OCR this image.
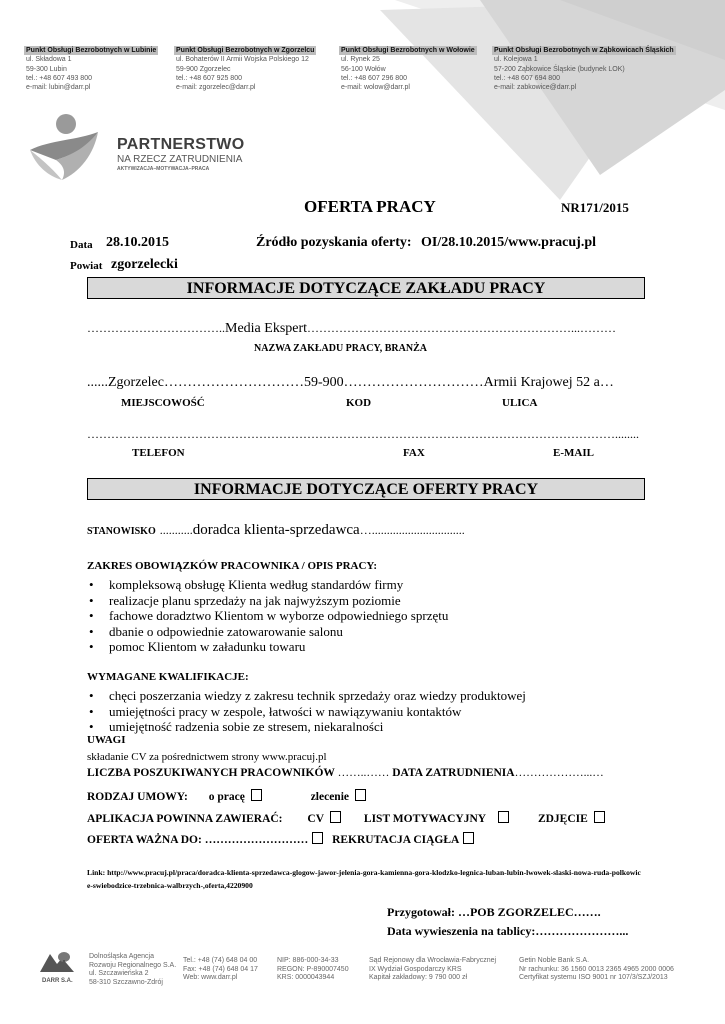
Punkt Obsługi Bezrobotnych w Lubinie
ul. Składowa 1
59-300 Lubin
tel.: +48 607 493 800
e-mail: lubin@darr.pl
Punkt Obsługi Bezrobotnych w Zgorzelcu
ul. Bohaterów II Armii Wojska Polskiego 12
59-900 Zgorzelec
tel.: +48 607 925 800
e-mail: zgorzelec@darr.pl
Punkt Obsługi Bezrobotnych w Wołowie
ul. Rynek 25
56-100 Wołów
tel.: +48 607 296 800
e-mail: wolow@darr.pl
Punkt Obsługi Bezrobotnych w Ząbkowicach Śląskich
ul. Kolejowa 1
57-200 Ząbkowice Śląskie (budynek LOK)
tel.: +48 607 694 800
e-mail: zabkowice@darr.pl
PARTNERSTWO
NA RZECZ ZATRUDNIENIA
AKTYWIZACJA–MOTYWACJA–PRACA
OFERTA PRACY	NR171/2015
Data 28.10.2015	Źródło pozyskania oferty: OI/28.10.2015/www.pracuj.pl
Powiat zgorzelecki
INFORMACJE DOTYCZĄCE ZAKŁADU PRACY
……………………………..Media Ekspert…………………………………………………………...………
NAZWA ZAKŁADU PRACY, BRANŻA
......Zgorzelec…………………………59-900…………………………Armii Krajowej 52 a…
MIEJSCOWOŚĆ	KOD	ULICA
……………………………………………………………………………………………………………………........
TELEFON	FAX	E-MAIL
INFORMACJE DOTYCZĄCE OFERTY PRACY
STANOWISKO ...........doradca klienta-sprzedawca…...............................
ZAKRES OBOWIĄZKÓW PRACOWNIKA / OPIS PRACY:
• kompleksową obsługę Klienta według standardów firmy
• realizacje planu sprzedaży na jak najwyższym poziomie
• fachowe doradztwo Klientom w wyborze odpowiedniego sprzętu
• dbanie o odpowiednie zatowarowanie salonu
• pomoc Klientom w załadunku towaru
WYMAGANE KWALIFIKACJE:
• chęci poszerzania wiedzy z zakresu technik sprzedaży oraz wiedzy produktowej
• umiejętności pracy w zespole, łatwości w nawiązywaniu kontaktów
• umiejętność radzenia sobie ze stresem, niekaralności
UWAGI
składanie CV za pośrednictwem strony www.pracuj.pl
LICZBA POSZUKIWANYCH PRACOWNIKÓW ……..…… DATA ZATRUDNIENIA………………...…
RODZAJ UMOWY: o pracę	zlecenie
APLIKACJA POWINNA ZAWIERAĆ: CV	LIST MOTYWACYJNY	ZDJĘCIE
OFERTA WAŻNA DO: ……………………… REKRUTACJA CIĄGŁA
Link: http://www.pracuj.pl/praca/doradca-klienta-sprzedawca-glogow-jawor-jelenia-gora-kamienna-gora-klodzko-legnica-luban-lubin-lwowek-slaski-nowa-ruda-polkowice-swiebodzice-trzebnica-walbrzych-,oferta,4220900
Przygotował: …POB ZGORZELEC…….
Data wywieszenia na tablicy:…………………...
DARR S.A.
Dolnośląska Agencja
Rozwoju Regionalnego S.A.
ul. Szczawieńska 2
58-310 Szczawno-Zdrój
Tel.: +48 (74) 648 04 00
Fax: +48 (74) 648 04 17
Web: www.darr.pl
NIP: 886-000-34-33
REGON: P-890007450
KRS: 0000043944
Sąd Rejonowy dla Wrocławia-Fabrycznej
IX Wydział Gospodarczy KRS
Kapitał zakładowy: 9 790 000 zł
Getin Noble Bank S.A.
Nr rachunku: 36 1560 0013 2365 4965 2000 0006
Certyfikat systemu ISO 9001 nr 107/3/SZJ/2013
